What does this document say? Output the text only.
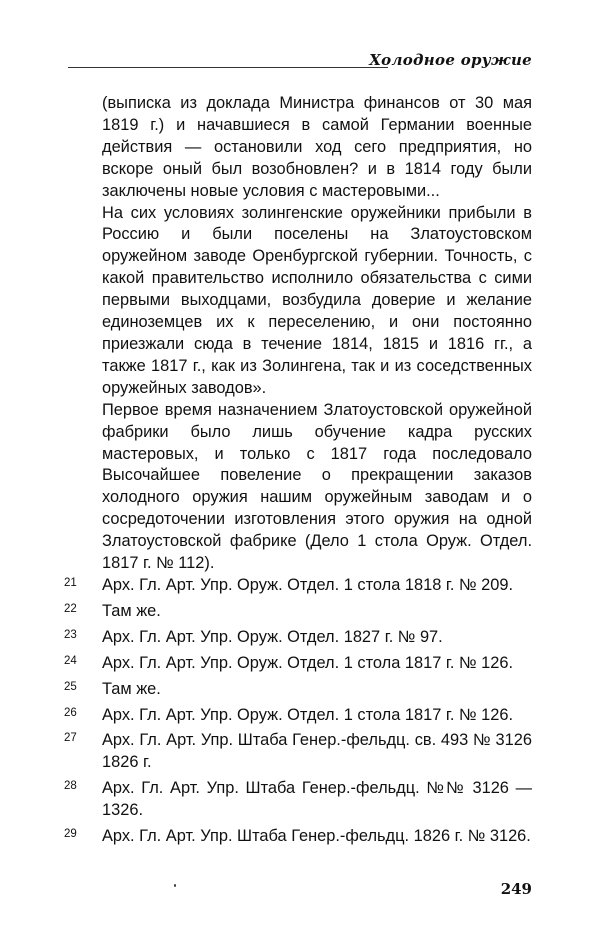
Холодное оружие

(выписка из доклада Министра финансов от 30 мая 1819 г.) и начавшиеся в самой Германии военные действия — остановили ход сего предприятия, но вскоре оный был возобновлен? и в 1814 году были заключены новые условия с мастеровыми...

На сих условиях золингенские оружейники прибыли в Россию и были поселены на Златоустовском оружейном заводе Оренбургской губернии. Точность, с какой правительство исполнило обязательства с сими первыми выходцами, возбудила доверие и желание единоземцев их к переселению, и они постоянно приезжали сюда в течение 1814, 1815 и 1816 гг., а также 1817 г., как из Золингена, так и из соседственных оружейных заводов».

Первое время назначением Златоустовской оружейной фабрики было лишь обучение кадра русских мастеровых, и только с 1817 года последовало Высочайшее повеление о прекращении заказов холодного оружия нашим оружейным заводам и о сосредоточении изготовления этого оружия на одной Златоустовской фабрике (Дело 1 стола Оруж. Отдел. 1817 г. № 112).

21	Арх. Гл. Арт. Упр. Оруж. Отдел. 1 стола 1818 г. № 209.
22	Там же.
23	Арх. Гл. Арт. Упр. Оруж. Отдел. 1827 г. № 97.
24	Арх. Гл. Арт. Упр. Оруж. Отдел. 1 стола 1817 г. № 126.
25	Там же.
26	Арх. Гл. Арт. Упр. Оруж. Отдел. 1 стола 1817 г. № 126.
27	Арх. Гл. Арт. Упр. Штаба Генер.-фельдц. св. 493 № 3126 1826 г.
28	Арх. Гл. Арт. Упр. Штаба Генер.-фельдц. №№ 3126 — 1326.
29	Арх. Гл. Арт. Упр. Штаба Генер.-фельдц. 1826 г. № 3126.
249
